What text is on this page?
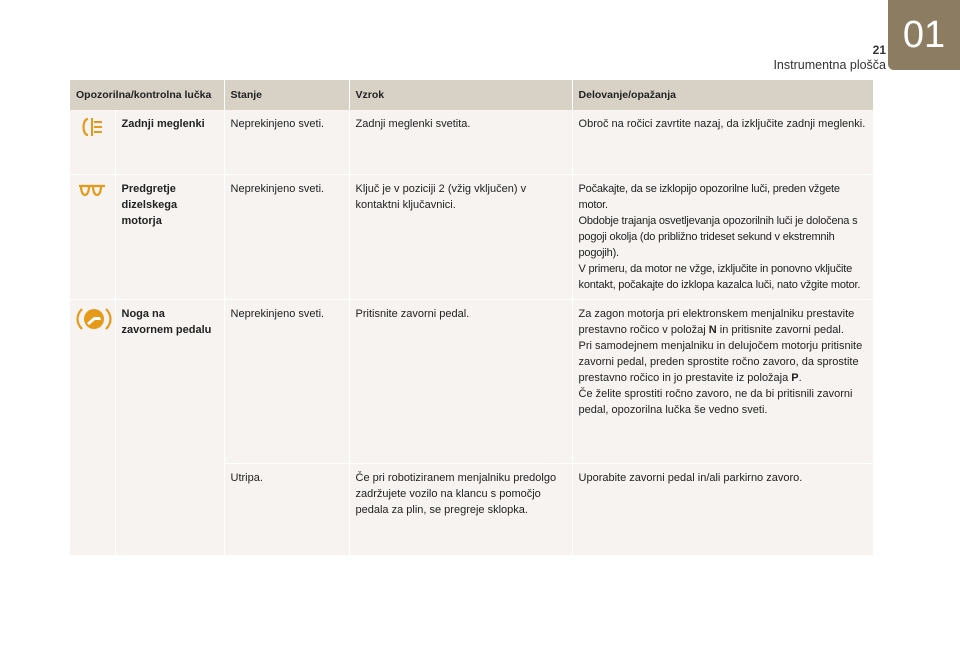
21
Instrumentna plošča
01
Opozorilna/kontrolna lučka		Stanje	Vzrok	Delovanje/opažanja
	Zadnji meglenki	Neprekinjeno sveti.	Zadnji meglenki svetita.	Obroč na ročici zavrtite nazaj, da izključite zadnji meglenki.
	Predgretje dizelskega motorja	Neprekinjeno sveti.	Ključ je v poziciji 2 (vžig vključen) v kontaktni ključavnici.	Počakajte, da se izklopijo opozorilne luči, preden vžgete motor.
Obdobje trajanja osvetljevanja opozorilnih luči je določena s pogoji okolja (do približno trideset sekund v ekstremnih pogojih).
V primeru, da motor ne vžge, izključite in ponovno vključite kontakt, počakajte do izklopa kazalca luči, nato vžgite motor.

	Noga na zavornem pedalu	Neprekinjeno sveti.	Pritisnite zavorni pedal.	Za zagon motorja pri elektronskem menjalniku prestavite prestavno ročico v položaj N in pritisnite zavorni pedal.
Pri samodejnem menjalniku in delujočem motorju pritisnite zavorni pedal, preden sprostite ročno zavoro, da sprostite prestavno ročico in jo prestavite iz položaja P.
Če želite sprostiti ročno zavoro, ne da bi pritisnili zavorni pedal, opozorilna lučka še vedno sveti.

		Utripa.	Če pri robotiziranem menjalniku predolgo zadržujete vozilo na klancu s pomočjo pedala za plin, se pregreje sklopka.	Uporabite zavorni pedal in/ali parkirno zavoro.
